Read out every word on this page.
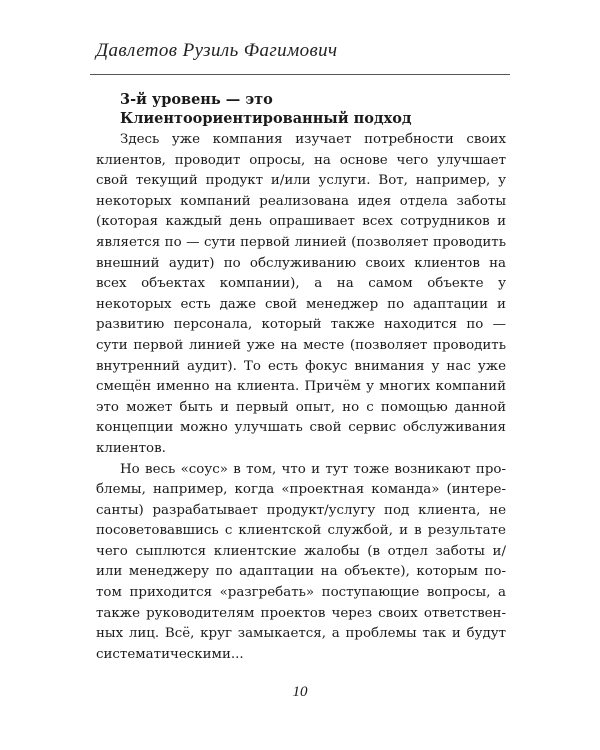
Давлетов Рузиль Фагимович
3-й уровень — это Клиентоориентированный подход

Здесь уже компания изучает потребности своих клиентов, проводит опросы, на основе чего улучшает свой текущий продукт и/или услуги. Вот, например, у некоторых компаний реализована идея отдела заботы (которая каждый день опрашивает всех сотрудников и является по — сути первой линией (позволяет проводить внешний аудит) по обслуживанию своих клиентов на всех объектах компании), а на самом объекте у некоторых есть даже свой менеджер по адаптации и развитию персонала, который также находится по — сути первой линией уже на месте (позволяет проводить внутренний аудит). То есть фокус внимания у нас уже смещён именно на клиента. Причём у многих компаний это может быть и первый опыт, но с помощью данной концепции можно улучшать свой сервис обслуживания клиентов.

Но весь «соус» в том, что и тут тоже возникают проблемы, например, когда «проектная команда» (интересанты) разрабатывает продукт/услугу под клиента, не посоветовавшись с клиентской службой, и в результате чего сыплются клиентские жалобы (в отдел заботы и/ или менеджеру по адаптации на объекте), которым потом приходится «разгребать» поступающие вопросы, а также руководителям проектов через своих ответственных лиц. Всё, круг замыкается, а проблемы так и будут систематическими...

10
